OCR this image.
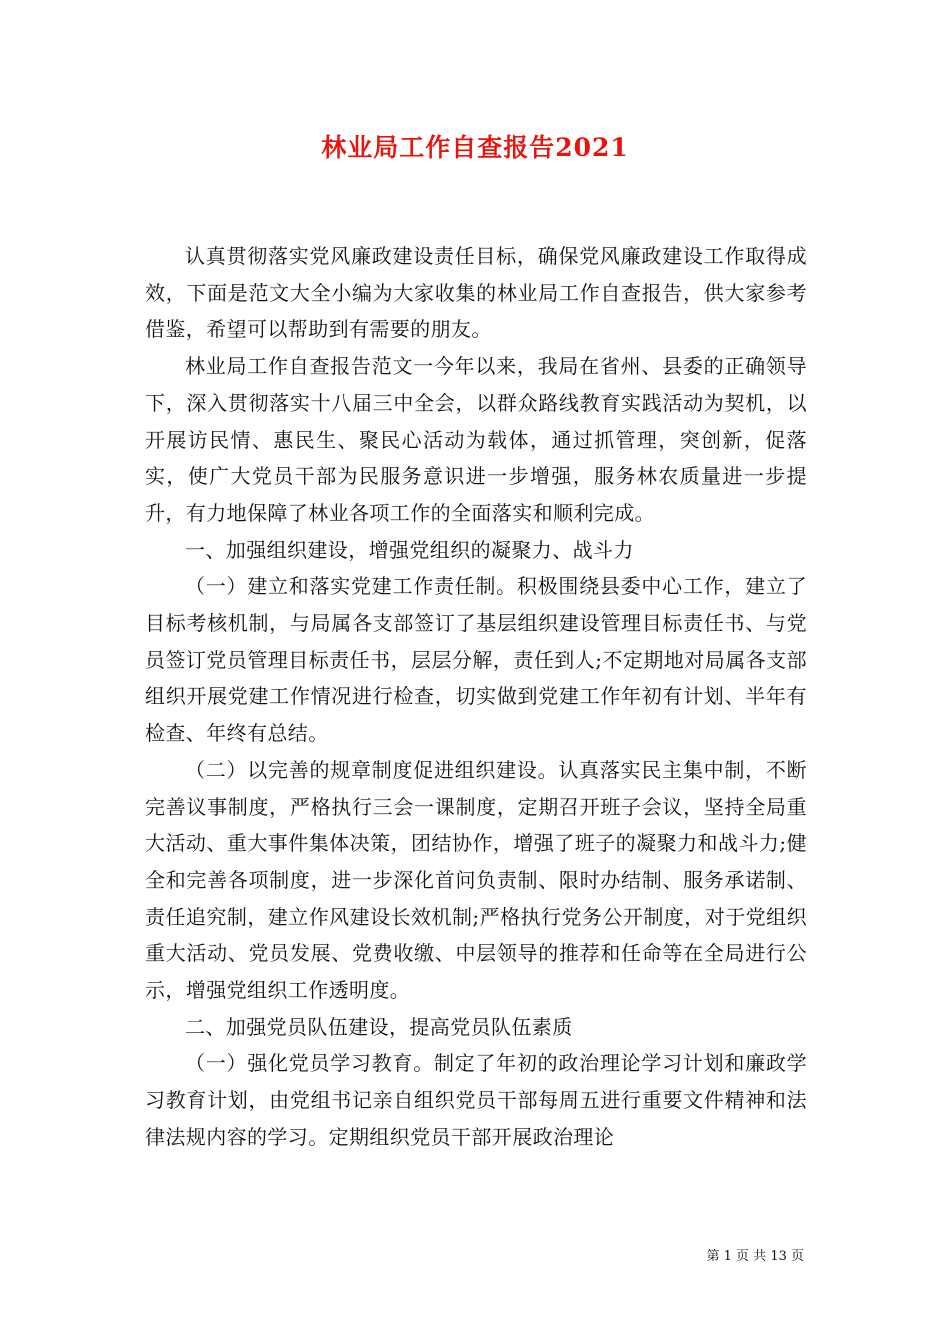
林业局工作自查报告2021

认真贯彻落实党风廉政建设责任目标，确保党风廉政建设工作取得成效，下面是范文大全小编为大家收集的林业局工作自查报告，供大家参考借鉴，希望可以帮助到有需要的朋友。

林业局工作自查报告范文一今年以来，我局在省州、县委的正确领导下，深入贯彻落实十八届三中全会，以群众路线教育实践活动为契机，以开展访民情、惠民生、聚民心活动为载体，通过抓管理，突创新，促落实，使广大党员干部为民服务意识进一步增强，服务林农质量进一步提升，有力地保障了林业各项工作的全面落实和顺利完成。

一、加强组织建设，增强党组织的凝聚力、战斗力

（一）建立和落实党建工作责任制。积极围绕县委中心工作，建立了目标考核机制，与局属各支部签订了基层组织建设管理目标责任书、与党员签订党员管理目标责任书，层层分解，责任到人;不定期地对局属各支部组织开展党建工作情况进行检查，切实做到党建工作年初有计划、半年有检查、年终有总结。

（二）以完善的规章制度促进组织建设。认真落实民主集中制，不断完善议事制度，严格执行三会一课制度，定期召开班子会议，坚持全局重大活动、重大事件集体决策，团结协作，增强了班子的凝聚力和战斗力;健全和完善各项制度，进一步深化首问负责制、限时办结制、服务承诺制、责任追究制，建立作风建设长效机制;严格执行党务公开制度，对于党组织重大活动、党员发展、党费收缴、中层领导的推荐和任命等在全局进行公示，增强党组织工作透明度。

二、加强党员队伍建设，提高党员队伍素质

（一）强化党员学习教育。制定了年初的政治理论学习计划和廉政学习教育计划，由党组书记亲自组织党员干部每周五进行重要文件精神和法律法规内容的学习。定期组织党员干部开展政治理论

第 1 页 共 13 页
